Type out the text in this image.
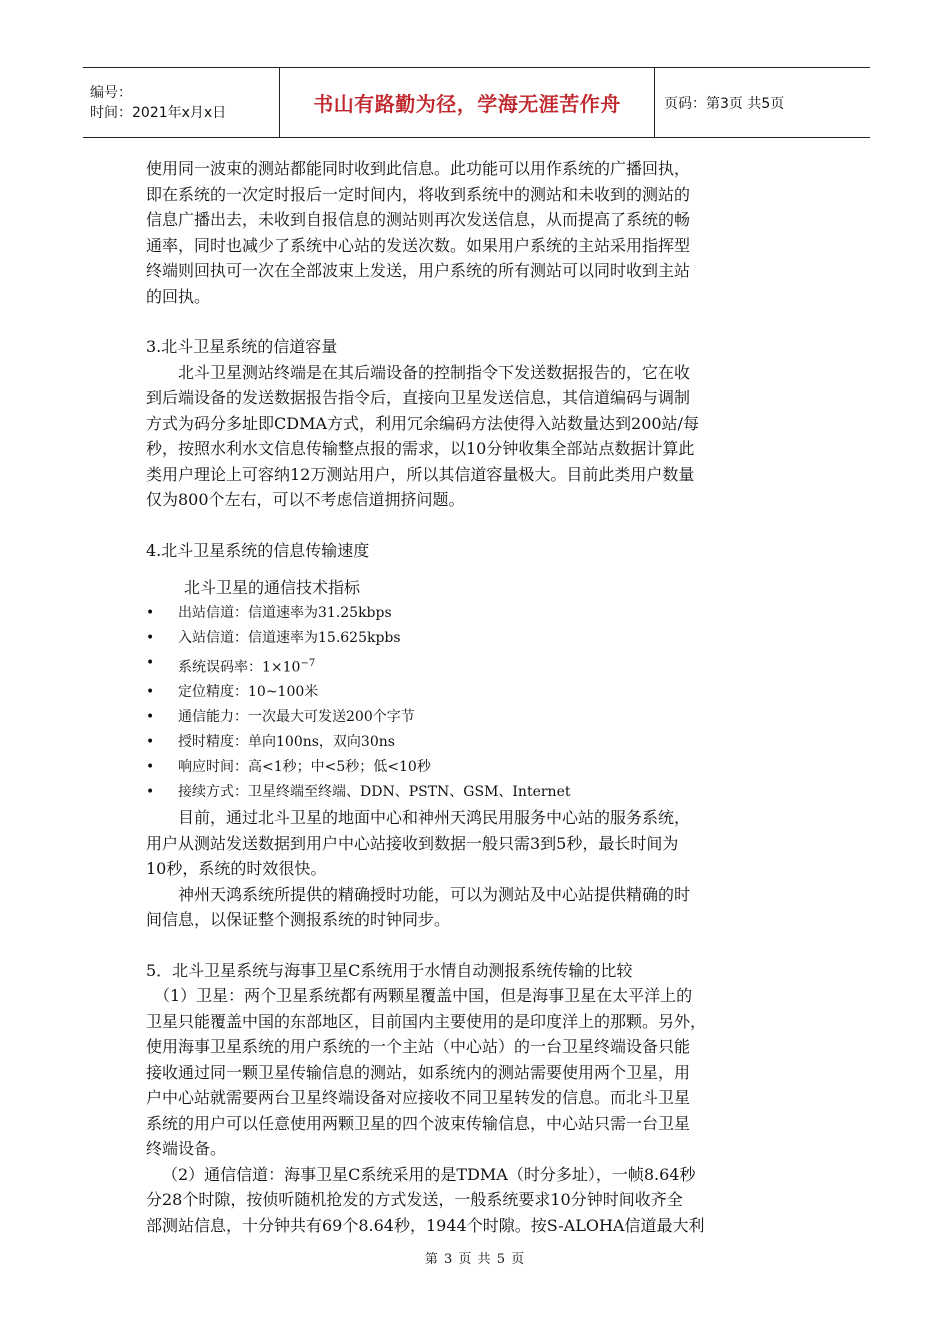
编号：
时间：2021年x月x日	书山有路勤为径，学海无涯苦作舟	页码：第3页 共5页

使用同一波束的测站都能同时收到此信息。此功能可以用作系统的广播回执，

即在系统的一次定时报后一定时间内，将收到系统中的测站和未收到的测站的

信息广播出去，未收到自报信息的测站则再次发送信息，从而提高了系统的畅

通率，同时也减少了系统中心站的发送次数。如果用户系统的主站采用指挥型

终端则回执可一次在全部波束上发送，用户系统的所有测站可以同时收到主站

的回执。

3.北斗卫星系统的信道容量

北斗卫星测站终端是在其后端设备的控制指令下发送数据报告的，它在收

到后端设备的发送数据报告指令后，直接向卫星发送信息，其信道编码与调制

方式为码分多址即CDMA方式，利用冗余编码方法使得入站数量达到200站/每

秒，按照水利水文信息传输整点报的需求，以10分钟收集全部站点数据计算此

类用户理论上可容纳12万测站用户，所以其信道容量极大。目前此类用户数量

仅为800个左右，可以不考虑信道拥挤问题。

4.北斗卫星系统的信息传输速度

北斗卫星的通信技术指标

• 出站信道：信道速率为31.25kbps
• 入站信道：信道速率为15.625kpbs
• 系统误码率：$1\times 10^{-7}$
• 定位精度：10~100米
• 通信能力：一次最大可发送200个字节
• 授时精度：单向100ns，双向30ns
• 响应时间：高<1秒；中<5秒；低<10秒
• 接续方式：卫星终端至终端、DDN、PSTN、GSM、Internet

目前，通过北斗卫星的地面中心和神州天鸿民用服务中心站的服务系统，

用户从测站发送数据到用户中心站接收到数据一般只需3到5秒，最长时间为

10秒，系统的时效很快。

神州天鸿系统所提供的精确授时功能，可以为测站及中心站提供精确的时

间信息，以保证整个测报系统的时钟同步。

5．北斗卫星系统与海事卫星C系统用于水情自动测报系统传输的比较

（1）卫星：两个卫星系统都有两颗星覆盖中国，但是海事卫星在太平洋上的

卫星只能覆盖中国的东部地区，目前国内主要使用的是印度洋上的那颗。另外，

使用海事卫星系统的用户系统的一个主站（中心站）的一台卫星终端设备只能

接收通过同一颗卫星传输信息的测站，如系统内的测站需要使用两个卫星，用

户中心站就需要两台卫星终端设备对应接收不同卫星转发的信息。而北斗卫星

系统的用户可以任意使用两颗卫星的四个波束传输信息，中心站只需一台卫星

终端设备。

（2）通信信道：海事卫星C系统采用的是TDMA（时分多址），一帧8.64秒

分28个时隙，按侦听随机抢发的方式发送，一般系统要求10分钟时间收齐全

部测站信息，十分钟共有69个8.64秒，1944个时隙。按S-ALOHA信道最大利

第 3 页 共 5 页
